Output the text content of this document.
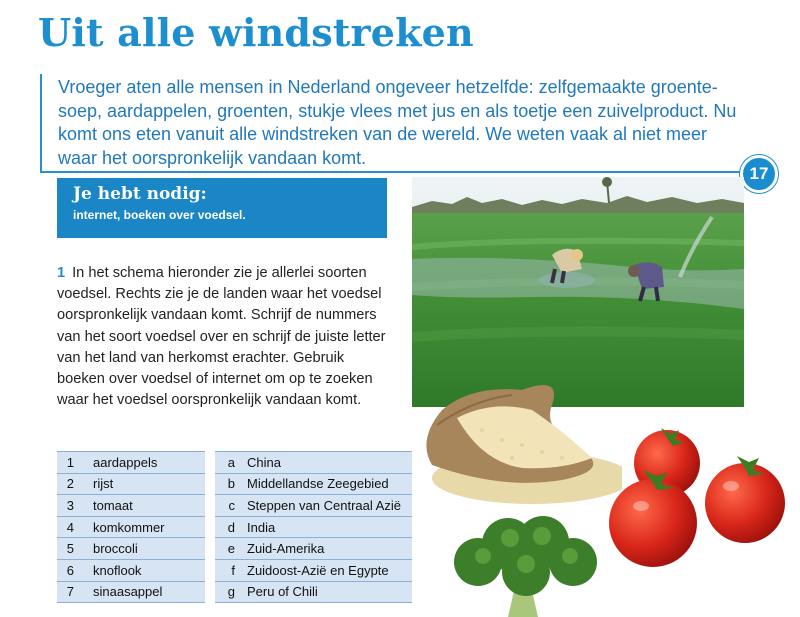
Uit alle windstreken

Vroeger aten alle mensen in Nederland ongeveer hetzelfde: zelfgemaakte groente-soep, aardappelen, groenten, stukje vlees met jus en als toetje een zuivelproduct. Nu komt ons eten vanuit alle windstreken van de wereld. We weten vaak al niet meer waar het oorspronkelijk vandaan komt.

17
Je hebt nodig:
internet, boeken over voedsel.

1 In het schema hieronder zie je allerlei soorten voedsel. Rechts zie je de landen waar het voedsel oorspronkelijk vandaan komt. Schrijf de nummers van het soort voedsel over en schrijf de juiste letter van het land van herkomst erachter. Gebruik boeken over voedsel of internet om op te zoeken waar het voedsel oorspronkelijk vandaan komt.

1	aardappels		a	China
2	rijst		b	Middellandse Zeegebied
3	tomaat		c	Steppen van Centraal Azië
4	komkommer		d	India
5	broccoli		e	Zuid-Amerika
6	knoflook		f	Zuidoost-Azië en Egypte
7	sinaasappel		g	Peru of Chili
